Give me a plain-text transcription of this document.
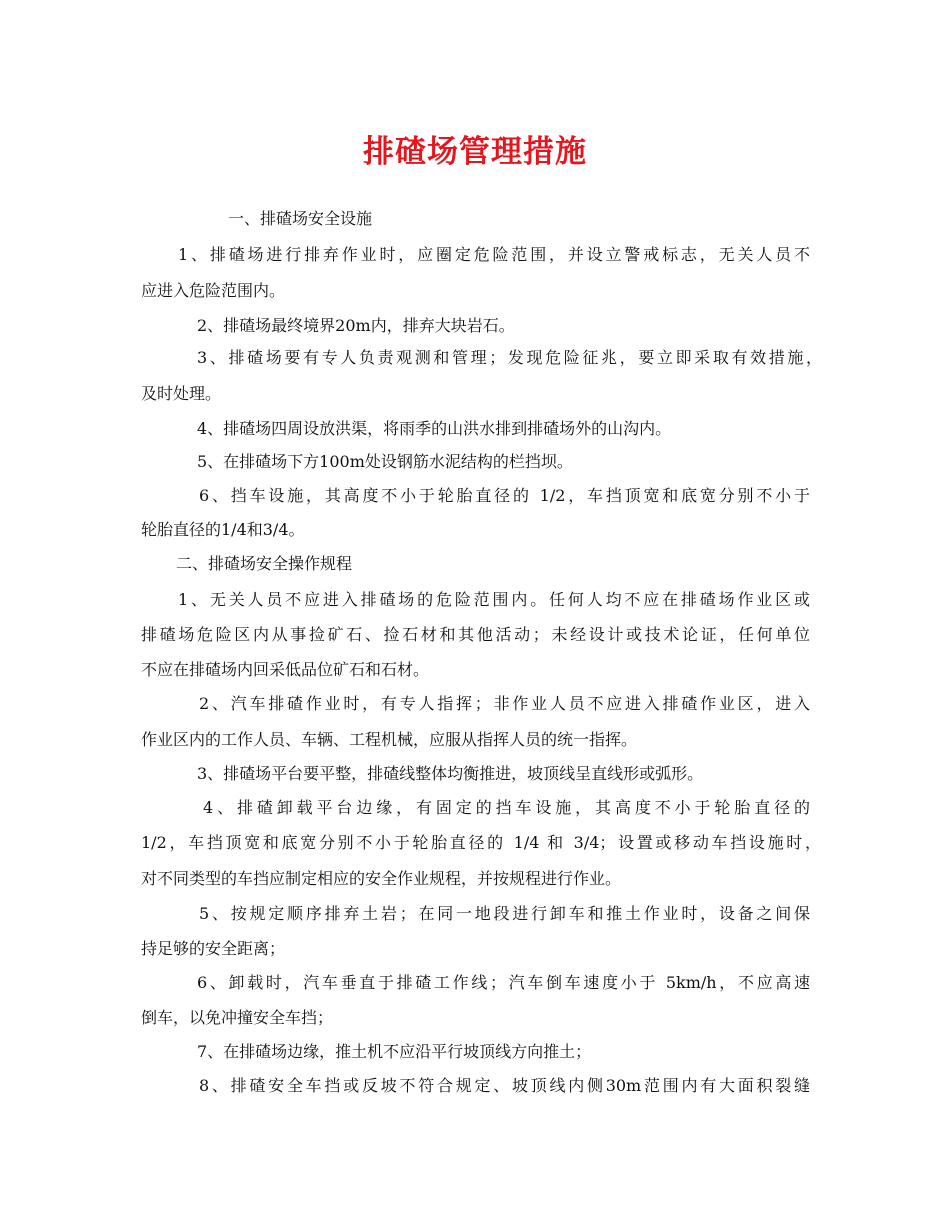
排碴场管理措施

一、排碴场安全设施

1、排碴场进行排弃作业时，应圈定危险范围，并设立警戒标志，无关人员不

应进入危险范围内。

2、排碴场最终境界20m内，排弃大块岩石。

3、排碴场要有专人负责观测和管理；发现危险征兆，要立即采取有效措施，

及时处理。

4、排碴场四周设放洪渠，将雨季的山洪水排到排碴场外的山沟内。

5、在排碴场下方100m处设钢筋水泥结构的栏挡坝。

6、挡车设施，其高度不小于轮胎直径的 1/2，车挡顶宽和底宽分别不小于

轮胎直径的1/4和3/4。

二、排碴场安全操作规程

1、无关人员不应进入排碴场的危险范围内。任何人均不应在排碴场作业区或

排碴场危险区内从事捡矿石、捡石材和其他活动；未经设计或技术论证，任何单位

不应在排碴场内回采低品位矿石和石材。

2、汽车排碴作业时，有专人指挥；非作业人员不应进入排碴作业区，进入

作业区内的工作人员、车辆、工程机械，应服从指挥人员的统一指挥。

3、排碴场平台要平整，排碴线整体均衡推进，坡顶线呈直线形或弧形。

4、排碴卸载平台边缘，有固定的挡车设施，其高度不小于轮胎直径的

1/2，车挡顶宽和底宽分别不小于轮胎直径的 1/4 和 3/4；设置或移动车挡设施时，

对不同类型的车挡应制定相应的安全作业规程，并按规程进行作业。

5、按规定顺序排弃土岩；在同一地段进行卸车和推土作业时，设备之间保

持足够的安全距离；

6、卸载时，汽车垂直于排碴工作线；汽车倒车速度小于 5km/h，不应高速

倒车，以免冲撞安全车挡；

7、在排碴场边缘，推土机不应沿平行坡顶线方向推土；

8、排碴安全车挡或反坡不符合规定、坡顶线内侧30m范围内有大面积裂缝
